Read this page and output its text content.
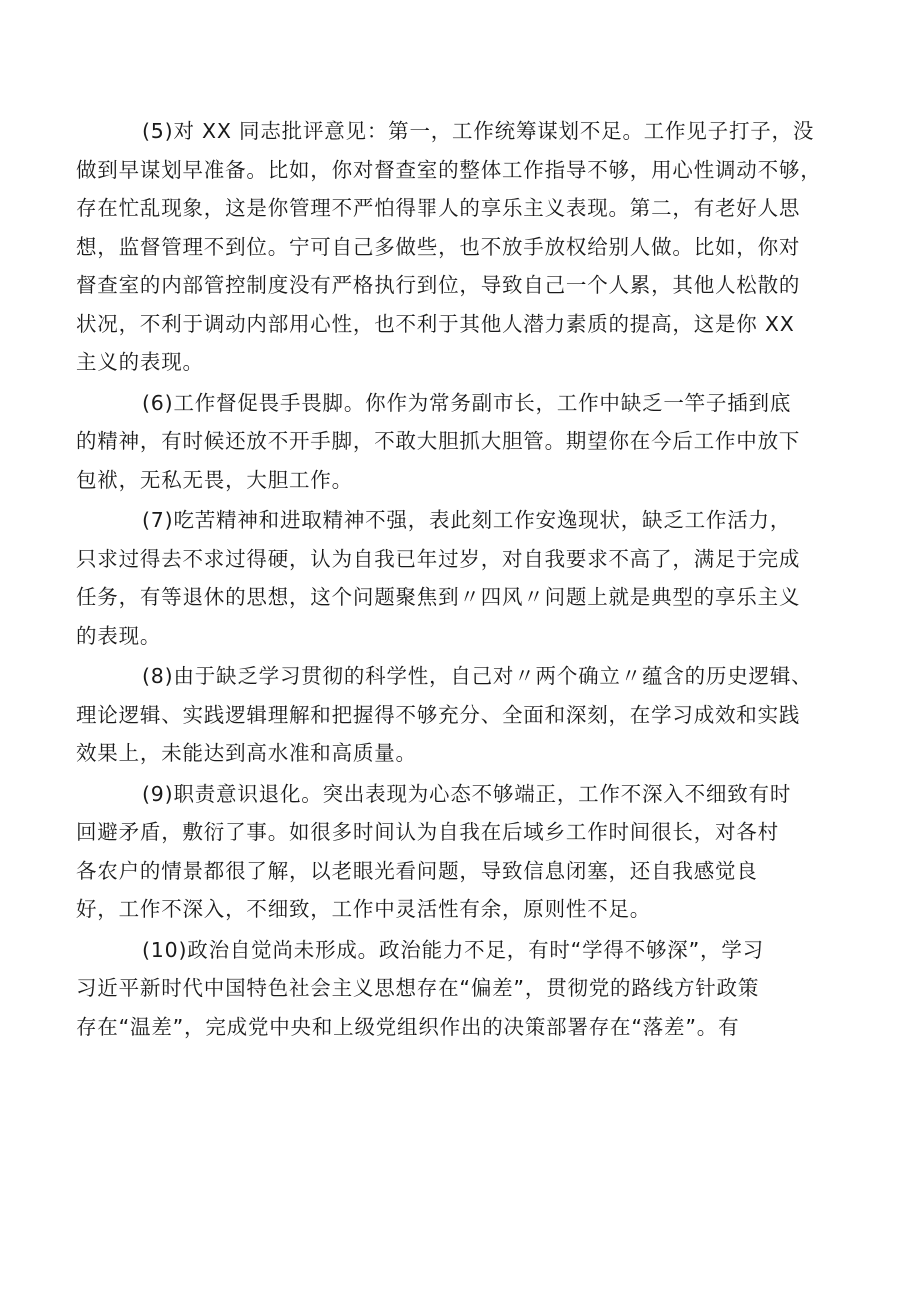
(5)对 XX 同志批评意见：第一，工作统筹谋划不足。工作见子打子，没
做到早谋划早准备。比如，你对督查室的整体工作指导不够，用心性调动不够，
存在忙乱现象，这是你管理不严怕得罪人的享乐主义表现。第二，有老好人思
想，监督管理不到位。宁可自己多做些，也不放手放权给别人做。比如，你对
督查室的内部管控制度没有严格执行到位，导致自己一个人累，其他人松散的
状况，不利于调动内部用心性，也不利于其他人潜力素质的提高，这是你 XX
主义的表现。

(6)工作督促畏手畏脚。你作为常务副市长，工作中缺乏一竿子插到底
的精神，有时候还放不开手脚，不敢大胆抓大胆管。期望你在今后工作中放下
包袱，无私无畏，大胆工作。

(7)吃苦精神和进取精神不强，表此刻工作安逸现状，缺乏工作活力，
只求过得去不求过得硬，认为自我已年过岁，对自我要求不高了，满足于完成
任务，有等退休的思想，这个问题聚焦到〃四风〃问题上就是典型的享乐主义
的表现。

(8)由于缺乏学习贯彻的科学性，自己对〃两个确立〃蕴含的历史逻辑、
理论逻辑、实践逻辑理解和把握得不够充分、全面和深刻，在学习成效和实践
效果上，未能达到高水准和高质量。

(9)职责意识退化。突出表现为心态不够端正，工作不深入不细致有时
回避矛盾，敷衍了事。如很多时间认为自我在后域乡工作时间很长，对各村
各农户的情景都很了解，以老眼光看问题，导致信息闭塞，还自我感觉良
好，工作不深入，不细致，工作中灵活性有余，原则性不足。

(10)政治自觉尚未形成。政治能力不足，有时“学得不够深”，学习
习近平新时代中国特色社会主义思想存在“偏差”，贯彻党的路线方针政策
存在“温差”，完成党中央和上级党组织作出的决策部署存在“落差”。有
